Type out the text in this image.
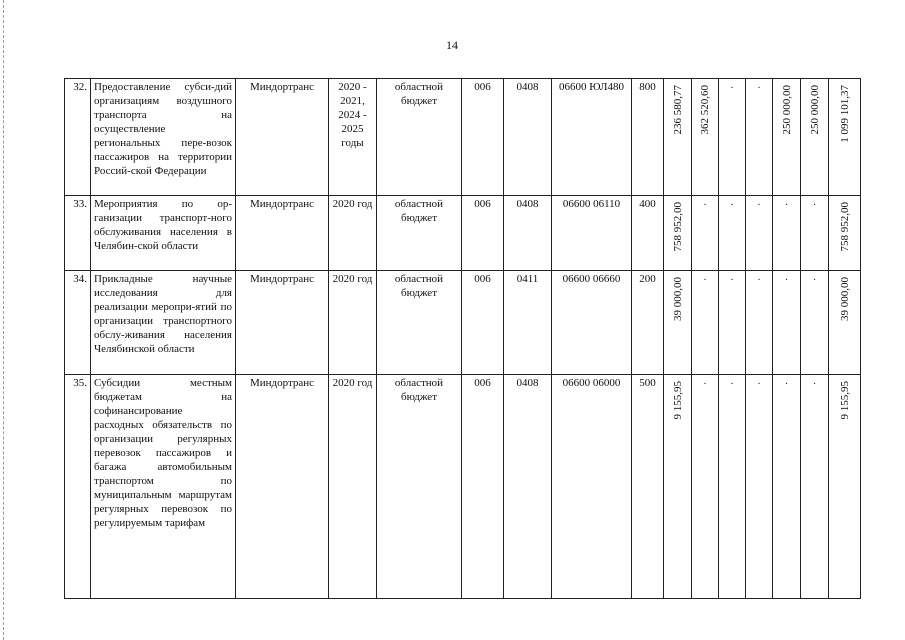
14
32.	Предоставление субси-дий организациям воздушного транспорта на осуществление региональных пере-возок пассажиров на территории Россий-ской Федерации	Миндортранс	2020 - 2021, 2024 - 2025 годы	областной бюджет	006	0408	06600 ЮЛ480	800	236 580,77	362 520,60	·	·	250 000,00	250 000,00	1 099 101,37

33.	Мероприятия по ор-ганизации транспорт-ного обслуживания населения в Челябин-ской области	Миндортранс	2020 год	областной бюджет	006	0408	06600 06110	400	758 952,00	·	·	·	·	·	758 952,00

34.	Прикладные научные исследования для реализации меропри-ятий по организации транспортного обслу-живания населения Челябинской области	Миндортранс	2020 год	областной бюджет	006	0411	06600 06660	200	39 000,00	·	·	·	·	·	39 000,00

35.	Субсидии местным бюджетам на софинансирование расходных обязательств по организации регулярных перевозок пассажиров и багажа автомобильным транспортом по муниципальным маршрутам регулярных перевозок по регулируемым тарифам	Миндортранс	2020 год	областной бюджет	006	0408	06600 06000	500	9 155,95	·	·	·	·	·	9 155,95
